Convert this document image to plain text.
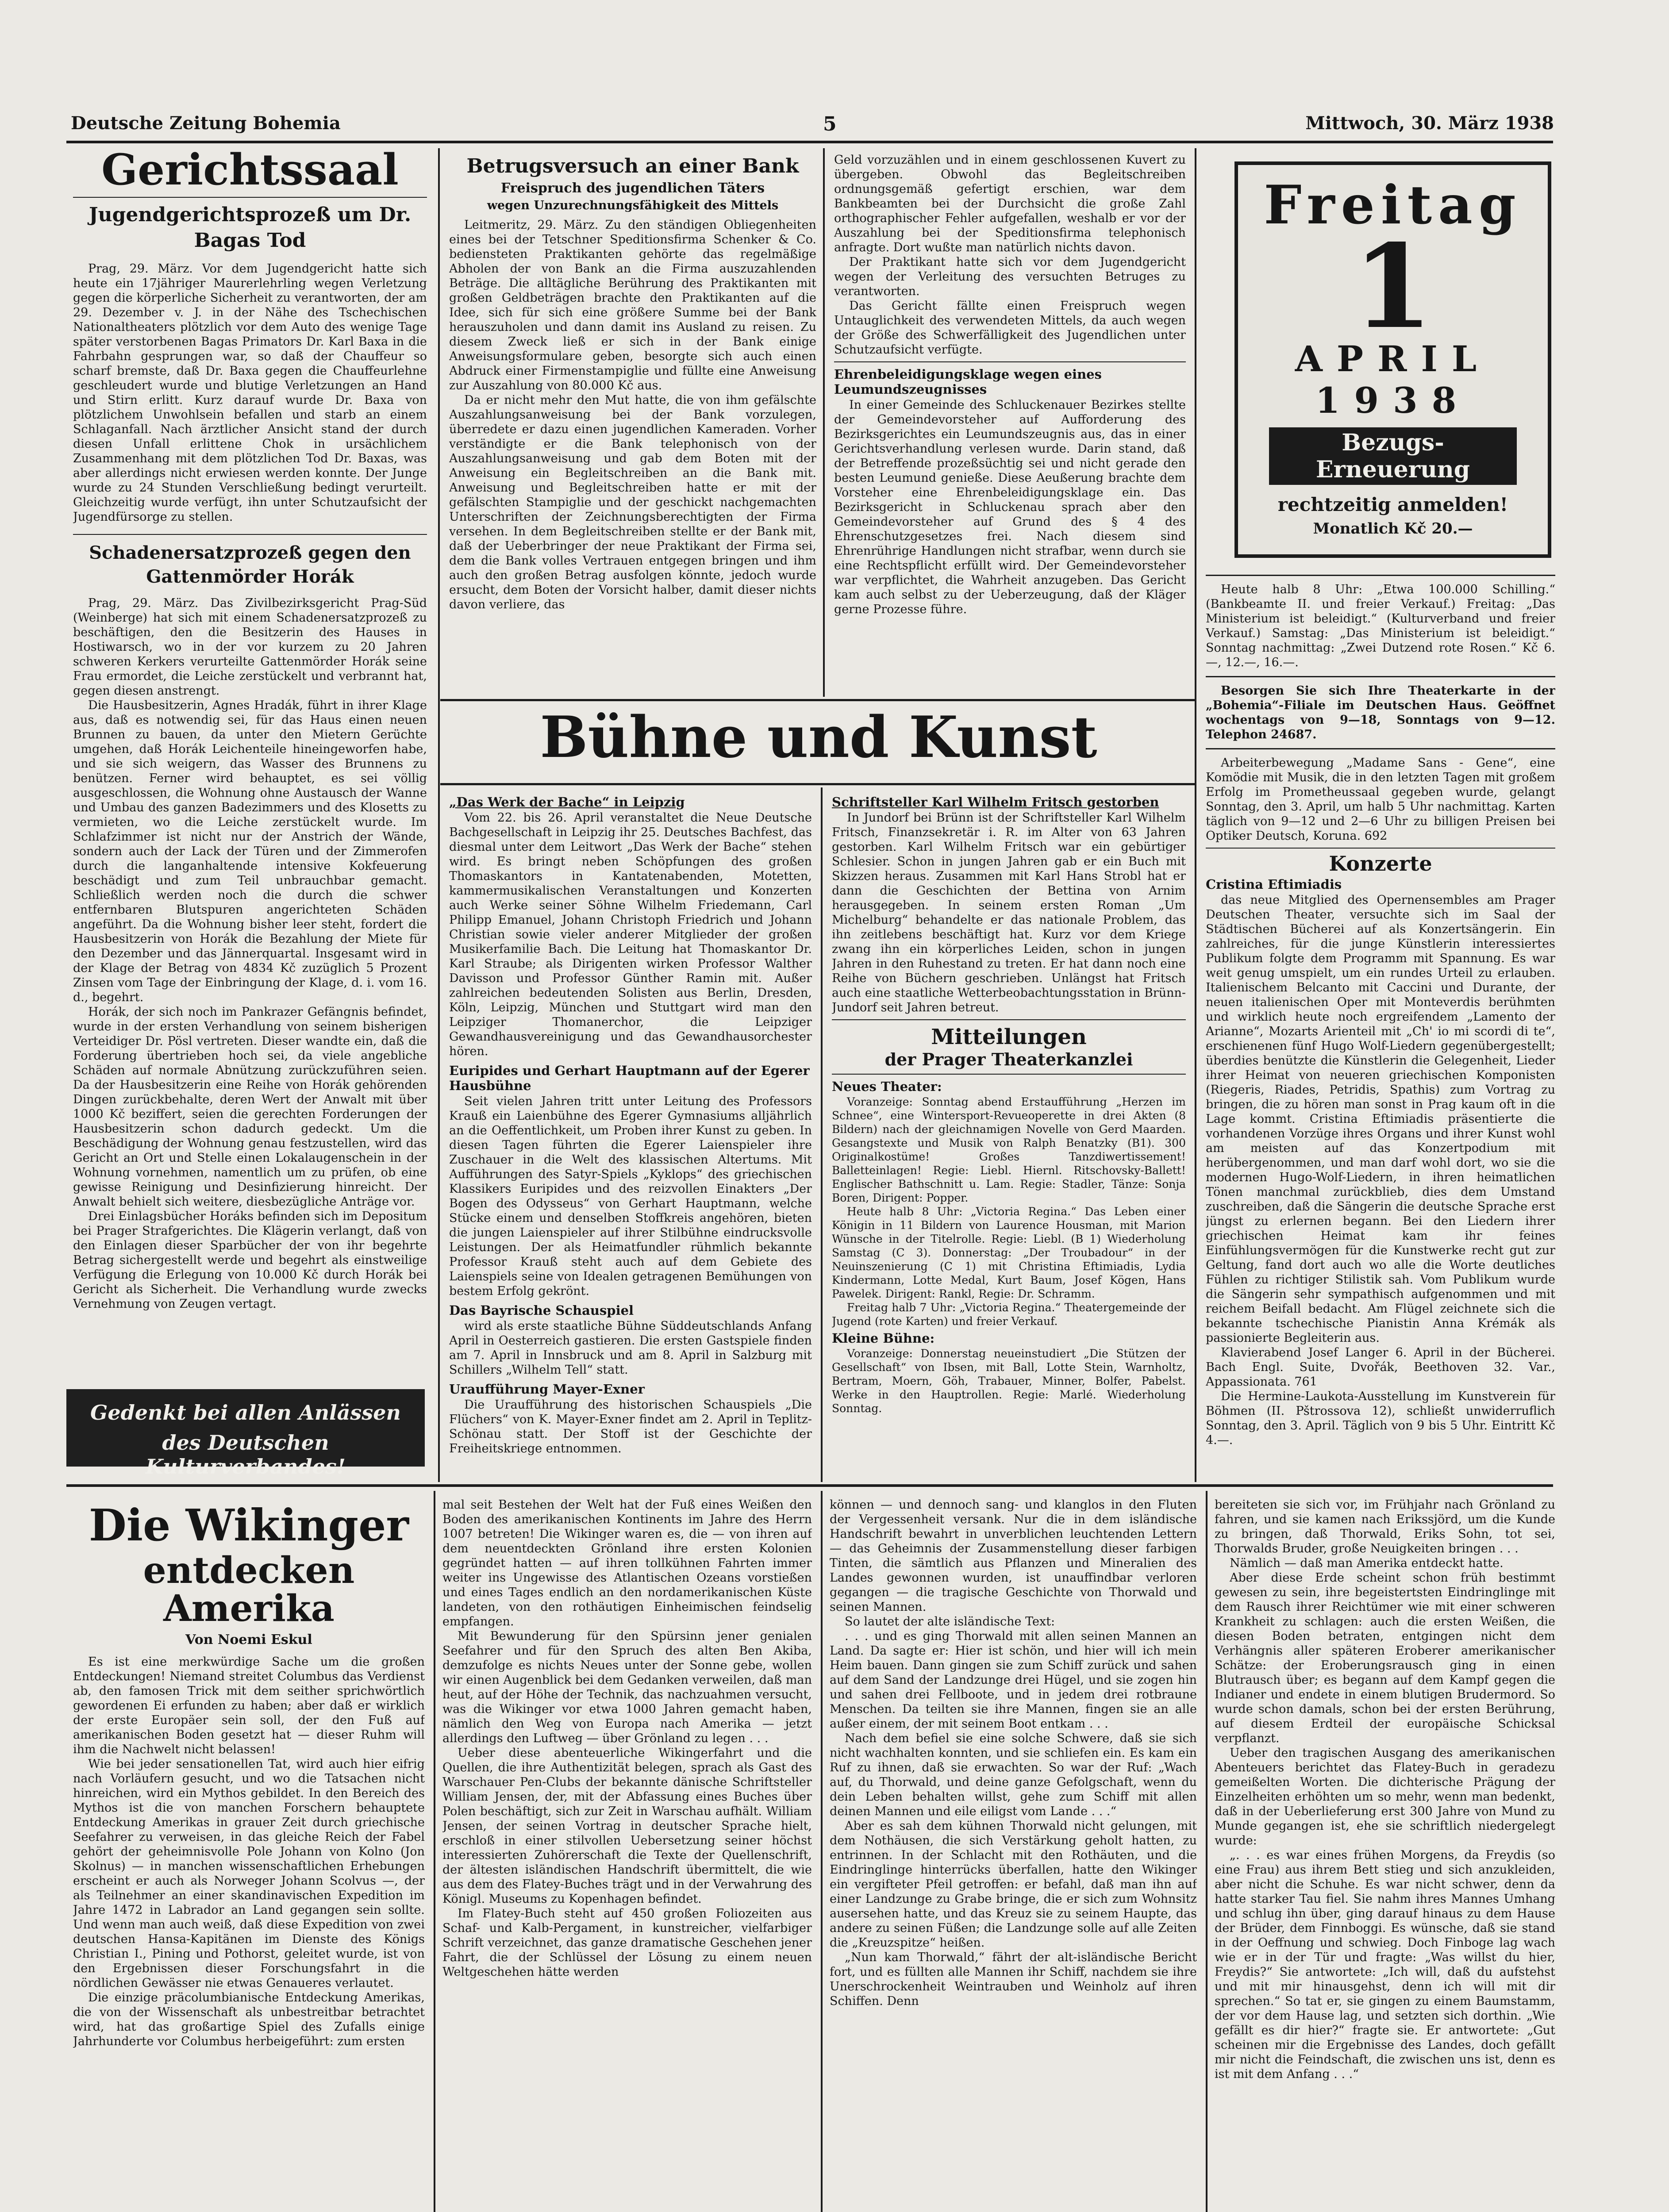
Deutsche Zeitung Bohemia	5	Mittwoch, 30. März 1938
Gerichtssaal
Jugendgerichtsprozeß um Dr. Bagas Tod

Prag, 29. März. Vor dem Jugendgericht hatte sich heute ein 17jähriger Maurerlehrling wegen Verletzung gegen die körperliche Sicherheit zu verantworten, der am 29. Dezember v. J. in der Nähe des Tschechischen Nationaltheaters plötzlich vor dem Auto des wenige Tage später verstorbenen Bagas Primators Dr. Karl Baxa in die Fahrbahn gesprungen war, so daß der Chauffeur so scharf bremste, daß Dr. Baxa gegen die Chauffeurlehne geschleudert wurde und blutige Verletzungen an Hand und Stirn erlitt. Kurz darauf wurde Dr. Baxa von plötzlichem Unwohlsein befallen und starb an einem Schlaganfall. Nach ärztlicher Ansicht stand der durch diesen Unfall erlittene Chok in ursächlichem Zusammenhang mit dem plötzlichen Tod Dr. Baxas, was aber allerdings nicht erwiesen werden konnte. Der Junge wurde zu 24 Stunden Verschließung bedingt verurteilt. Gleichzeitig wurde verfügt, ihn unter Schutzaufsicht der Jugendfürsorge zu stellen.

Schadenersatzprozeß gegen den Gattenmörder Horák

Prag, 29. März. Das Zivilbezirksgericht Prag-Süd (Weinberge) hat sich mit einem Schadenersatzprozeß zu beschäftigen, den die Besitzerin des Hauses in Hostiwarsch, wo in der vor kurzem zu 20 Jahren schweren Kerkers verurteilte Gattenmörder Horák seine Frau ermordet, die Leiche zerstückelt und verbrannt hat, gegen diesen anstrengt.

Die Hausbesitzerin, Agnes Hradák, führt in ihrer Klage aus, daß es notwendig sei, für das Haus einen neuen Brunnen zu bauen, da unter den Mietern Gerüchte umgehen, daß Horák Leichenteile hineingeworfen habe, und sie sich weigern, das Wasser des Brunnens zu benützen. Ferner wird behauptet, es sei völlig ausgeschlossen, die Wohnung ohne Austausch der Wanne und Umbau des ganzen Badezimmers und des Klosetts zu vermieten, wo die Leiche zerstückelt wurde. Im Schlafzimmer ist nicht nur der Anstrich der Wände, sondern auch der Lack der Türen und der Zimmerofen durch die langanhaltende intensive Kokfeuerung beschädigt und zum Teil unbrauchbar gemacht. Schließlich werden noch die durch die schwer entfernbaren Blutspuren angerichteten Schäden angeführt. Da die Wohnung bisher leer steht, fordert die Hausbesitzerin von Horák die Bezahlung der Miete für den Dezember und das Jännerquartal. Insgesamt wird in der Klage der Betrag von 4834 Kč zuzüglich 5 Prozent Zinsen vom Tage der Einbringung der Klage, d. i. vom 16. d., begehrt.

Horák, der sich noch im Pankrazer Gefängnis befindet, wurde in der ersten Verhandlung von seinem bisherigen Verteidiger Dr. Pösl vertreten. Dieser wandte ein, daß die Forderung übertrieben hoch sei, da viele angebliche Schäden auf normale Abnützung zurückzuführen seien. Da der Hausbesitzerin eine Reihe von Horák gehörenden Dingen zurückbehalte, deren Wert der Anwalt mit über 1000 Kč beziffert, seien die gerechten Forderungen der Hausbesitzerin schon dadurch gedeckt. Um die Beschädigung der Wohnung genau festzustellen, wird das Gericht an Ort und Stelle einen Lokalaugenschein in der Wohnung vornehmen, namentlich um zu prüfen, ob eine gewisse Reinigung und Desinfizierung hinreicht. Der Anwalt behielt sich weitere, diesbezügliche Anträge vor.

Drei Einlagsbücher Horáks befinden sich im Depositum bei Prager Strafgerichtes. Die Klägerin verlangt, daß von den Einlagen dieser Sparbücher der von ihr begehrte Betrag sichergestellt werde und begehrt als einstweilige Verfügung die Erlegung von 10.000 Kč durch Horák bei Gericht als Sicherheit. Die Verhandlung wurde zwecks Vernehmung von Zeugen vertagt.

Gedenkt bei allen Anlässen
des Deutschen Kulturverbandes!
Betrugsversuch an einer Bank
Freispruch des jugendlichen Täters
wegen Unzurechnungsfähigkeit des Mittels

Leitmeritz, 29. März. Zu den ständigen Obliegenheiten eines bei der Tetschner Speditionsfirma Schenker & Co. bediensteten Praktikanten gehörte das regelmäßige Abholen der von Bank an die Firma auszuzahlenden Beträge. Die alltägliche Berührung des Praktikanten mit großen Geldbeträgen brachte den Praktikanten auf die Idee, sich für sich eine größere Summe bei der Bank herauszuholen und dann damit ins Ausland zu reisen. Zu diesem Zweck ließ er sich in der Bank einige Anweisungsformulare geben, besorgte sich auch einen Abdruck einer Firmenstampiglie und füllte eine Anweisung zur Auszahlung von 80.000 Kč aus.

Da er nicht mehr den Mut hatte, die von ihm gefälschte Auszahlungsanweisung bei der Bank vorzulegen, überredete er dazu einen jugendlichen Kameraden. Vorher verständigte er die Bank telephonisch von der Auszahlungsanweisung und gab dem Boten mit der Anweisung ein Begleitschreiben an die Bank mit. Anweisung und Begleitschreiben hatte er mit der gefälschten Stampiglie und der geschickt nachgemachten Unterschriften der Zeichnungsberechtigten der Firma versehen. In dem Begleitschreiben stellte er der Bank mit, daß der Ueberbringer der neue Praktikant der Firma sei, dem die Bank volles Vertrauen entgegen bringen und ihm auch den großen Betrag ausfolgen könnte, jedoch wurde ersucht, dem Boten der Vorsicht halber, damit dieser nichts davon verliere, das

Geld vorzuzählen und in einem geschlossenen Kuvert zu übergeben. Obwohl das Begleitschreiben ordnungsgemäß gefertigt erschien, war dem Bankbeamten bei der Durchsicht die große Zahl orthographischer Fehler aufgefallen, weshalb er vor der Auszahlung bei der Speditionsfirma telephonisch anfragte. Dort wußte man natürlich nichts davon.

Der Praktikant hatte sich vor dem Jugendgericht wegen der Verleitung des versuchten Betruges zu verantworten.

Das Gericht fällte einen Freispruch wegen Untauglichkeit des verwendeten Mittels, da auch wegen der Größe des Schwerfälligkeit des Jugendlichen unter Schutzaufsicht verfügte.

Ehrenbeleidigungsklage wegen eines Leumundszeugnisses

In einer Gemeinde des Schluckenauer Bezirkes stellte der Gemeindevorsteher auf Aufforderung des Bezirksgerichtes ein Leumundszeugnis aus, das in einer Gerichtsverhandlung verlesen wurde. Darin stand, daß der Betreffende prozeßsüchtig sei und nicht gerade den besten Leumund genieße. Diese Aeußerung brachte dem Vorsteher eine Ehrenbeleidigungsklage ein. Das Bezirksgericht in Schluckenau sprach aber den Gemeindevorsteher auf Grund des § 4 des Ehrenschutzgesetzes frei. Nach diesem sind Ehrenrührige Handlungen nicht strafbar, wenn durch sie eine Rechtspflicht erfüllt wird. Der Gemeindevorsteher war verpflichtet, die Wahrheit anzugeben. Das Gericht kam auch selbst zu der Ueberzeugung, daß der Kläger gerne Prozesse führe.

Freitag
1
APRIL
1938
Bezugs-Erneuerung
rechtzeitig anmelden!
Monatlich Kč 20.—

Heute halb 8 Uhr: „Etwa 100.000 Schilling.“ (Bankbeamte II. und freier Verkauf.) Freitag: „Das Ministerium ist beleidigt.“ (Kulturverband und freier Verkauf.) Samstag: „Das Ministerium ist beleidigt.“ Sonntag nachmittag: „Zwei Dutzend rote Rosen.“ Kč 6.—, 12.—, 16.—.

Besorgen Sie sich Ihre Theaterkarte in der „Bohemia“-Filiale im Deutschen Haus. Geöffnet wochentags von 9—18, Sonntags von 9—12. Telephon 24687.

Arbeiterbewegung „Madame Sans - Gene“, eine Komödie mit Musik, die in den letzten Tagen mit großem Erfolg im Prometheussaal gegeben wurde, gelangt Sonntag, den 3. April, um halb 5 Uhr nachmittag. Karten täglich von 9—12 und 2—6 Uhr zu billigen Preisen bei Optiker Deutsch, Koruna. 692

Konzerte
Cristina Eftimiadis

das neue Mitglied des Opernensembles am Prager Deutschen Theater, versuchte sich im Saal der Städtischen Bücherei auf als Konzertsängerin. Ein zahlreiches, für die junge Künstlerin interessiertes Publikum folgte dem Programm mit Spannung. Es war weit genug umspielt, um ein rundes Urteil zu erlauben. Italienischem Belcanto mit Caccini und Durante, der neuen italienischen Oper mit Monteverdis berühmten und wirklich heute noch ergreifendem „Lamento der Arianne“, Mozarts Arienteil mit „Ch' io mi scordi di te“, erschienenen fünf Hugo Wolf-Liedern gegenübergestellt; überdies benützte die Künstlerin die Gelegenheit, Lieder ihrer Heimat von neueren griechischen Komponisten (Riegeris, Riades, Petridis, Spathis) zum Vortrag zu bringen, die zu hören man sonst in Prag kaum oft in die Lage kommt. Cristina Eftimiadis präsentierte die vorhandenen Vorzüge ihres Organs und ihrer Kunst wohl am meisten auf das Konzertpodium mit herübergenommen, und man darf wohl dort, wo sie die modernen Hugo-Wolf-Liedern, in ihren heimatlichen Tönen manchmal zurückblieb, dies dem Umstand zuschreiben, daß die Sängerin die deutsche Sprache erst jüngst zu erlernen begann. Bei den Liedern ihrer griechischen Heimat kam ihr feines Einfühlungsvermögen für die Kunstwerke recht gut zur Geltung, fand dort auch wo alle die Worte deutliches Fühlen zu richtiger Stilistik sah. Vom Publikum wurde die Sängerin sehr sympathisch aufgenommen und mit reichem Beifall bedacht. Am Flügel zeichnete sich die bekannte tschechische Pianistin Anna Krémák als passionierte Begleiterin aus.

Klavierabend Josef Langer 6. April in der Bücherei. Bach Engl. Suite, Dvořák, Beethoven 32. Var., Appassionata. 761

Die Hermine-Laukota-Ausstellung im Kunstverein für Böhmen (II. Pštrossova 12), schließt unwiderruflich Sonntag, den 3. April. Täglich von 9 bis 5 Uhr. Eintritt Kč 4.—.

Bühne und Kunst
„Das Werk der Bache“ in Leipzig

Vom 22. bis 26. April veranstaltet die Neue Deutsche Bachgesellschaft in Leipzig ihr 25. Deutsches Bachfest, das diesmal unter dem Leitwort „Das Werk der Bache“ stehen wird. Es bringt neben Schöpfungen des großen Thomaskantors in Kantatenabenden, Motetten, kammermusikalischen Veranstaltungen und Konzerten auch Werke seiner Söhne Wilhelm Friedemann, Carl Philipp Emanuel, Johann Christoph Friedrich und Johann Christian sowie vieler anderer Mitglieder der großen Musikerfamilie Bach. Die Leitung hat Thomaskantor Dr. Karl Straube; als Dirigenten wirken Professor Walther Davisson und Professor Günther Ramin mit. Außer zahlreichen bedeutenden Solisten aus Berlin, Dresden, Köln, Leipzig, München und Stuttgart wird man den Leipziger Thomanerchor, die Leipziger Gewandhausvereinigung und das Gewandhausorchester hören.

Euripides und Gerhart Hauptmann auf der Egerer Hausbühne

Seit vielen Jahren tritt unter Leitung des Professors Krauß ein Laienbühne des Egerer Gymnasiums alljährlich an die Oeffentlichkeit, um Proben ihrer Kunst zu geben. In diesen Tagen führten die Egerer Laienspieler ihre Zuschauer in die Welt des klassischen Altertums. Mit Aufführungen des Satyr-Spiels „Kyklops“ des griechischen Klassikers Euripides und des reizvollen Einakters „Der Bogen des Odysseus“ von Gerhart Hauptmann, welche Stücke einem und denselben Stoffkreis angehören, bieten die jungen Laienspieler auf ihrer Stilbühne eindrucksvolle Leistungen. Der als Heimatfundler rühmlich bekannte Professor Krauß steht auch auf dem Gebiete des Laienspiels seine von Idealen getragenen Bemühungen von bestem Erfolg gekrönt.

Das Bayrische Schauspiel

wird als erste staatliche Bühne Süddeutschlands Anfang April in Oesterreich gastieren. Die ersten Gastspiele finden am 7. April in Innsbruck und am 8. April in Salzburg mit Schillers „Wilhelm Tell“ statt.

Uraufführung Mayer-Exner

Die Uraufführung des historischen Schauspiels „Die Flüchers“ von K. Mayer-Exner findet am 2. April in Teplitz-Schönau statt. Der Stoff ist der Geschichte der Freiheitskriege entnommen.

Schriftsteller Karl Wilhelm Fritsch gestorben

In Jundorf bei Brünn ist der Schriftsteller Karl Wilhelm Fritsch, Finanzsekretär i. R. im Alter von 63 Jahren gestorben. Karl Wilhelm Fritsch war ein gebürtiger Schlesier. Schon in jungen Jahren gab er ein Buch mit Skizzen heraus. Zusammen mit Karl Hans Strobl hat er dann die Geschichten der Bettina von Arnim herausgegeben. In seinem ersten Roman „Um Michelburg“ behandelte er das nationale Problem, das ihn zeitlebens beschäftigt hat. Kurz vor dem Kriege zwang ihn ein körperliches Leiden, schon in jungen Jahren in den Ruhestand zu treten. Er hat dann noch eine Reihe von Büchern geschrieben. Unlängst hat Fritsch auch eine staatliche Wetterbeobachtungsstation in Brünn-Jundorf seit Jahren betreut.

Mitteilungen
der Prager Theaterkanzlei
Neues Theater:

Voranzeige: Sonntag abend Erstaufführung „Herzen im Schnee“, eine Wintersport-Revueoperette in drei Akten (8 Bildern) nach der gleichnamigen Novelle von Gerd Maarden. Gesangstexte und Musik von Ralph Benatzky (B1). 300 Originalkostüme! Großes Tanzdiwertissement! Balletteinlagen! Regie: Liebl. Hiernl. Ritschovsky-Ballett! Englischer Bathschnitt u. Lam. Regie: Stadler, Tänze: Sonja Boren, Dirigent: Popper.

Heute halb 8 Uhr: „Victoria Regina.“ Das Leben einer Königin in 11 Bildern von Laurence Housman, mit Marion Wünsche in der Titelrolle. Regie: Liebl. (B 1) Wiederholung Samstag (C 3). Donnerstag: „Der Troubadour“ in der Neuinszenierung (C 1) mit Christina Eftimiadis, Lydia Kindermann, Lotte Medal, Kurt Baum, Josef Kögen, Hans Pawelek. Dirigent: Rankl, Regie: Dr. Schramm.

Freitag halb 7 Uhr: „Victoria Regina.“ Theatergemeinde der Jugend (rote Karten) und freier Verkauf.

Kleine Bühne:

Voranzeige: Donnerstag neueinstudiert „Die Stützen der Gesellschaft“ von Ibsen, mit Ball, Lotte Stein, Warnholtz, Bertram, Moern, Göh, Trabauer, Minner, Bolfer, Pabelst. Werke in den Hauptrollen. Regie: Marlé. Wiederholung Sonntag.

Die Wikinger
entdecken Amerika
Von Noemi Eskul

Es ist eine merkwürdige Sache um die großen Entdeckungen! Niemand streitet Columbus das Verdienst ab, den famosen Trick mit dem seither sprichwörtlich gewordenen Ei erfunden zu haben; aber daß er wirklich der erste Europäer sein soll, der den Fuß auf amerikanischen Boden gesetzt hat — dieser Ruhm will ihm die Nachwelt nicht belassen!

Wie bei jeder sensationellen Tat, wird auch hier eifrig nach Vorläufern gesucht, und wo die Tatsachen nicht hinreichen, wird ein Mythos gebildet. In den Bereich des Mythos ist die von manchen Forschern behauptete Entdeckung Amerikas in grauer Zeit durch griechische Seefahrer zu verweisen, in das gleiche Reich der Fabel gehört der geheimnisvolle Pole Johann von Kolno (Jon Skolnus) — in manchen wissenschaftlichen Erhebungen erscheint er auch als Norweger Johann Scolvus —, der als Teilnehmer an einer skandinavischen Expedition im Jahre 1472 in Labrador an Land gegangen sein sollte. Und wenn man auch weiß, daß diese Expedition von zwei deutschen Hansa-Kapitänen im Dienste des Königs Christian I., Pining und Pothorst, geleitet wurde, ist von den Ergebnissen dieser Forschungsfahrt in die nördlichen Gewässer nie etwas Genaueres verlautet.

Die einzige präcolumbianische Entdeckung Amerikas, die von der Wissenschaft als unbestreitbar betrachtet wird, hat das großartige Spiel des Zufalls einige Jahrhunderte vor Columbus herbeigeführt: zum ersten

mal seit Bestehen der Welt hat der Fuß eines Weißen den Boden des amerikanischen Kontinents im Jahre des Herrn 1007 betreten! Die Wikinger waren es, die — von ihren auf dem neuentdeckten Grönland ihre ersten Kolonien gegründet hatten — auf ihren tollkühnen Fahrten immer weiter ins Ungewisse des Atlantischen Ozeans vorstießen und eines Tages endlich an den nordamerikanischen Küste landeten, von den rothäutigen Einheimischen feindselig empfangen.

Mit Bewunderung für den Spürsinn jener genialen Seefahrer und für den Spruch des alten Ben Akiba, demzufolge es nichts Neues unter der Sonne gebe, wollen wir einen Augenblick bei dem Gedanken verweilen, daß man heut, auf der Höhe der Technik, das nachzuahmen versucht, was die Wikinger vor etwa 1000 Jahren gemacht haben, nämlich den Weg von Europa nach Amerika — jetzt allerdings den Luftweg — über Grönland zu legen . . .

Ueber diese abenteuerliche Wikingerfahrt und die Quellen, die ihre Authentizität belegen, sprach als Gast des Warschauer Pen-Clubs der bekannte dänische Schriftsteller William Jensen, der, mit der Abfassung eines Buches über Polen beschäftigt, sich zur Zeit in Warschau aufhält. William Jensen, der seinen Vortrag in deutscher Sprache hielt, erschloß in einer stilvollen Uebersetzung seiner höchst interessierten Zuhörerschaft die Texte der Quellenschrift, der ältesten isländischen Handschrift übermittelt, die wie aus dem des Flatey-Buches trägt und in der Verwahrung des Königl. Museums zu Kopenhagen befindet.

Im Flatey-Buch steht auf 450 großen Foliozeiten aus Schaf- und Kalb-Pergament, in kunstreicher, vielfarbiger Schrift verzeichnet, das ganze dramatische Geschehen jener Fahrt, die der Schlüssel der Lösung zu einem neuen Weltgeschehen hätte werden

können — und dennoch sang- und klanglos in den Fluten der Vergessenheit versank. Nur die in dem isländische Handschrift bewahrt in unverblichen leuchtenden Lettern — das Geheimnis der Zusammenstellung dieser farbigen Tinten, die sämtlich aus Pflanzen und Mineralien des Landes gewonnen wurden, ist unauffindbar verloren gegangen — die tragische Geschichte von Thorwald und seinen Mannen.

So lautet der alte isländische Text:

. . . und es ging Thorwald mit allen seinen Mannen an Land. Da sagte er: Hier ist schön, und hier will ich mein Heim bauen. Dann gingen sie zum Schiff zurück und sahen auf dem Sand der Landzunge drei Hügel, und sie zogen hin und sahen drei Fellboote, und in jedem drei rotbraune Menschen. Da teilten sie ihre Mannen, fingen sie an alle außer einem, der mit seinem Boot entkam . . .

Nach dem befiel sie eine solche Schwere, daß sie sich nicht wachhalten konnten, und sie schliefen ein. Es kam ein Ruf zu ihnen, daß sie erwachten. So war der Ruf: „Wach auf, du Thorwald, und deine ganze Gefolgschaft, wenn du dein Leben behalten willst, gehe zum Schiff mit allen deinen Mannen und eile eiligst vom Lande . . .“

Aber es sah dem kühnen Thorwald nicht gelungen, mit dem Nothäusen, die sich Verstärkung geholt hatten, zu entrinnen. In der Schlacht mit den Rothäuten, und die Eindringlinge hinterrücks überfallen, hatte den Wikinger ein vergifteter Pfeil getroffen: er befahl, daß man ihn auf einer Landzunge zu Grabe bringe, die er sich zum Wohnsitz ausersehen hatte, und das Kreuz sie zu seinem Haupte, das andere zu seinen Füßen; die Landzunge solle auf alle Zeiten die „Kreuzspitze“ heißen.

„Nun kam Thorwald,“ fährt der alt-isländische Bericht fort, und es füllten alle Mannen ihr Schiff, nachdem sie ihre Unerschrockenheit Weintrauben und Weinholz auf ihren Schiffen. Denn

bereiteten sie sich vor, im Frühjahr nach Grönland zu fahren, und sie kamen nach Erikssjörd, um die Kunde zu bringen, daß Thorwald, Eriks Sohn, tot sei, Thorwalds Bruder, große Neuigkeiten bringen . . .

Nämlich — daß man Amerika entdeckt hatte.

Aber diese Erde scheint schon früh bestimmt gewesen zu sein, ihre begeistertsten Eindringlinge mit dem Rausch ihrer Reichtümer wie mit einer schweren Krankheit zu schlagen: auch die ersten Weißen, die diesen Boden betraten, entgingen nicht dem Verhängnis aller späteren Eroberer amerikanischer Schätze: der Eroberungsrausch ging in einen Blutrausch über; es begann auf dem Kampf gegen die Indianer und endete in einem blutigen Brudermord. So wurde schon damals, schon bei der ersten Berührung, auf diesem Erdteil der europäische Schicksal verpflanzt.

Ueber den tragischen Ausgang des amerikanischen Abenteuers berichtet das Flatey-Buch in geradezu gemeißelten Worten. Die dichterische Prägung der Einzelheiten erhöhten um so mehr, wenn man bedenkt, daß in der Ueberlieferung erst 300 Jahre von Mund zu Munde gegangen ist, ehe sie schriftlich niedergelegt wurde:

„. . . es war eines frühen Morgens, da Freydis (so eine Frau) aus ihrem Bett stieg und sich anzukleiden, aber nicht die Schuhe. Es war nicht schwer, denn da hatte starker Tau fiel. Sie nahm ihres Mannes Umhang und schlug ihn über, ging darauf hinaus zu dem Hause der Brüder, dem Finnboggi. Es wünsche, daß sie stand in der Oeffnung und schwieg. Doch Finboge lag wach wie er in der Tür und fragte: „Was willst du hier, Freydis?“ Sie antwortete: „Ich will, daß du aufstehst und mit mir hinausgehst, denn ich will mit dir sprechen.“ So tat er, sie gingen zu einem Baumstamm, der vor dem Hause lag, und setzten sich dorthin. „Wie gefällt es dir hier?“ fragte sie. Er antwortete: „Gut scheinen mir die Ergebnisse des Landes, doch gefällt mir nicht die Feindschaft, die zwischen uns ist, denn es ist mit dem Anfang . . .“
